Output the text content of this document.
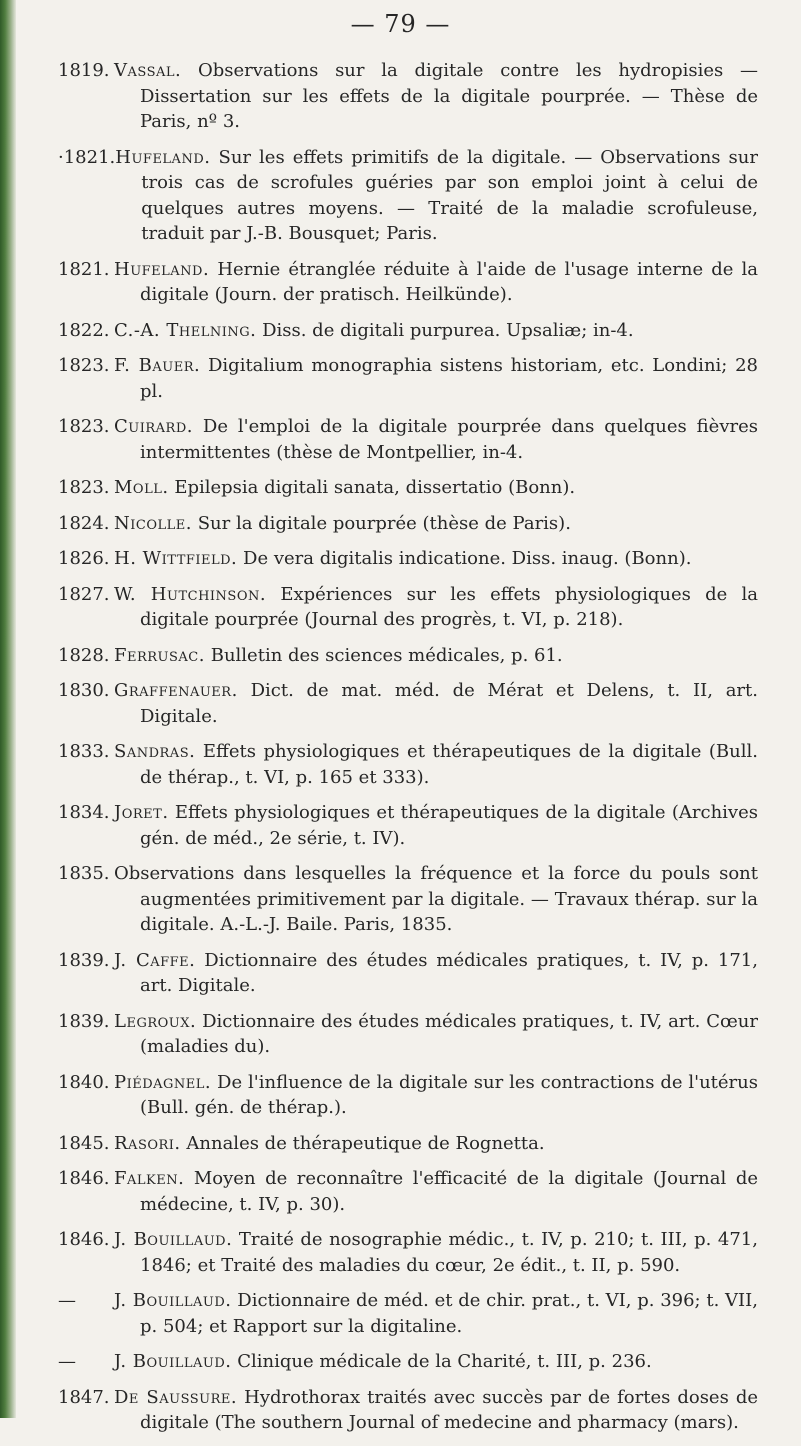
— 79 —
1819. Vassal. Observations sur la digitale contre les hydropisies — Dissertation sur les effets de la digitale pourprée. — Thèse de Paris, nº 3.
·1821. Hufeland. Sur les effets primitifs de la digitale. — Observations sur trois cas de scrofules guéries par son emploi joint à celui de quelques autres moyens. — Traité de la maladie scrofuleuse, traduit par J.-B. Bousquet; Paris.
1821. Hufeland. Hernie étranglée réduite à l'aide de l'usage interne de la digitale (Journ. der pratisch. Heilkünde).
1822. C.-A. Thelning. Diss. de digitali purpurea. Upsaliæ; in-4.
1823. F. Bauer. Digitalium monographia sistens historiam, etc. Londini; 28 pl.
1823. Cuirard. De l'emploi de la digitale pourprée dans quelques fièvres intermittentes (thèse de Montpellier, in-4.
1823. Moll. Epilepsia digitali sanata, dissertatio (Bonn).
1824. Nicolle. Sur la digitale pourprée (thèse de Paris).
1826. H. Wittfield. De vera digitalis indicatione. Diss. inaug. (Bonn).
1827. W. Hutchinson. Expériences sur les effets physiologiques de la digitale pourprée (Journal des progrès, t. VI, p. 218).
1828. Ferrusac. Bulletin des sciences médicales, p. 61.
1830. Graffenauer. Dict. de mat. méd. de Mérat et Delens, t. II, art. Digitale.
1833. Sandras. Effets physiologiques et thérapeutiques de la digitale (Bull. de thérap., t. VI, p. 165 et 333).
1834. Joret. Effets physiologiques et thérapeutiques de la digitale (Archives gén. de méd., 2e série, t. IV).
1835. Observations dans lesquelles la fréquence et la force du pouls sont augmentées primitivement par la digitale. — Travaux thérap. sur la digitale. A.-L.-J. Baile. Paris, 1835.
1839. J. Caffe. Dictionnaire des études médicales pratiques, t. IV, p. 171, art. Digitale.
1839. Legroux. Dictionnaire des études médicales pratiques, t. IV, art. Cœur (maladies du).
1840. Piédagnel. De l'influence de la digitale sur les contractions de l'utérus (Bull. gén. de thérap.).
1845. Rasori. Annales de thérapeutique de Rognetta.
1846. Falken. Moyen de reconnaître l'efficacité de la digitale (Journal de médecine, t. IV, p. 30).
1846. J. Bouillaud. Traité de nosographie médic., t. IV, p. 210; t. III, p. 471, 1846; et Traité des maladies du cœur, 2e édit., t. II, p. 590.
—	J. Bouillaud. Dictionnaire de méd. et de chir. prat., t. VI, p. 396; t. VII, p. 504; et Rapport sur la digitaline.
—	J. Bouillaud. Clinique médicale de la Charité, t. III, p. 236.
1847. De Saussure. Hydrothorax traités avec succès par de fortes doses de digitale (The southern Journal of medecine and pharmacy (mars).
